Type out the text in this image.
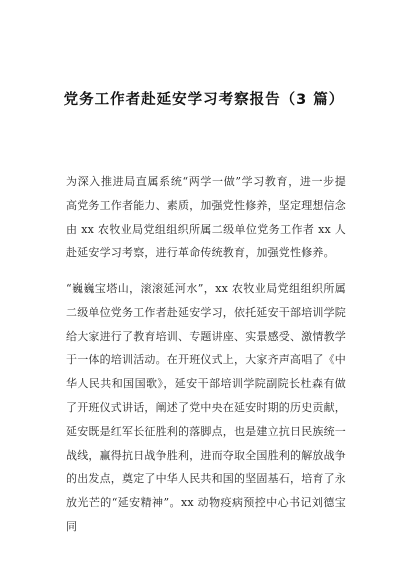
党务工作者赴延安学习考察报告（3 篇）

为深入推进局直属系统“两学一做”学习教育，进一步提高党务工作者能力、素质，加强党性修养，坚定理想信念由 xx 农牧业局党组组织所属二级单位党务工作者 xx 人赴延安学习考察，进行革命传统教育，加强党性修养。

“巍巍宝塔山，滚滚延河水”，xx 农牧业局党组组织所属二级单位党务工作者赴延安学习，依托延安干部培训学院给大家进行了教育培训、专题讲座、实景感受、激情教学于一体的培训活动。在开班仪式上，大家齐声高唱了《中华人民共和国国歌》，延安干部培训学院副院长杜森有做了开班仪式讲话，阐述了党中央在延安时期的历史贡献，延安既是红军长征胜利的落脚点，也是建立抗日民族统一战线，赢得抗日战争胜利，进而夺取全国胜利的解放战争的出发点，奠定了中华人民共和国的坚固基石，培育了永放光芒的“延安精神”。xx 动物疫病预控中心书记刘德宝同
